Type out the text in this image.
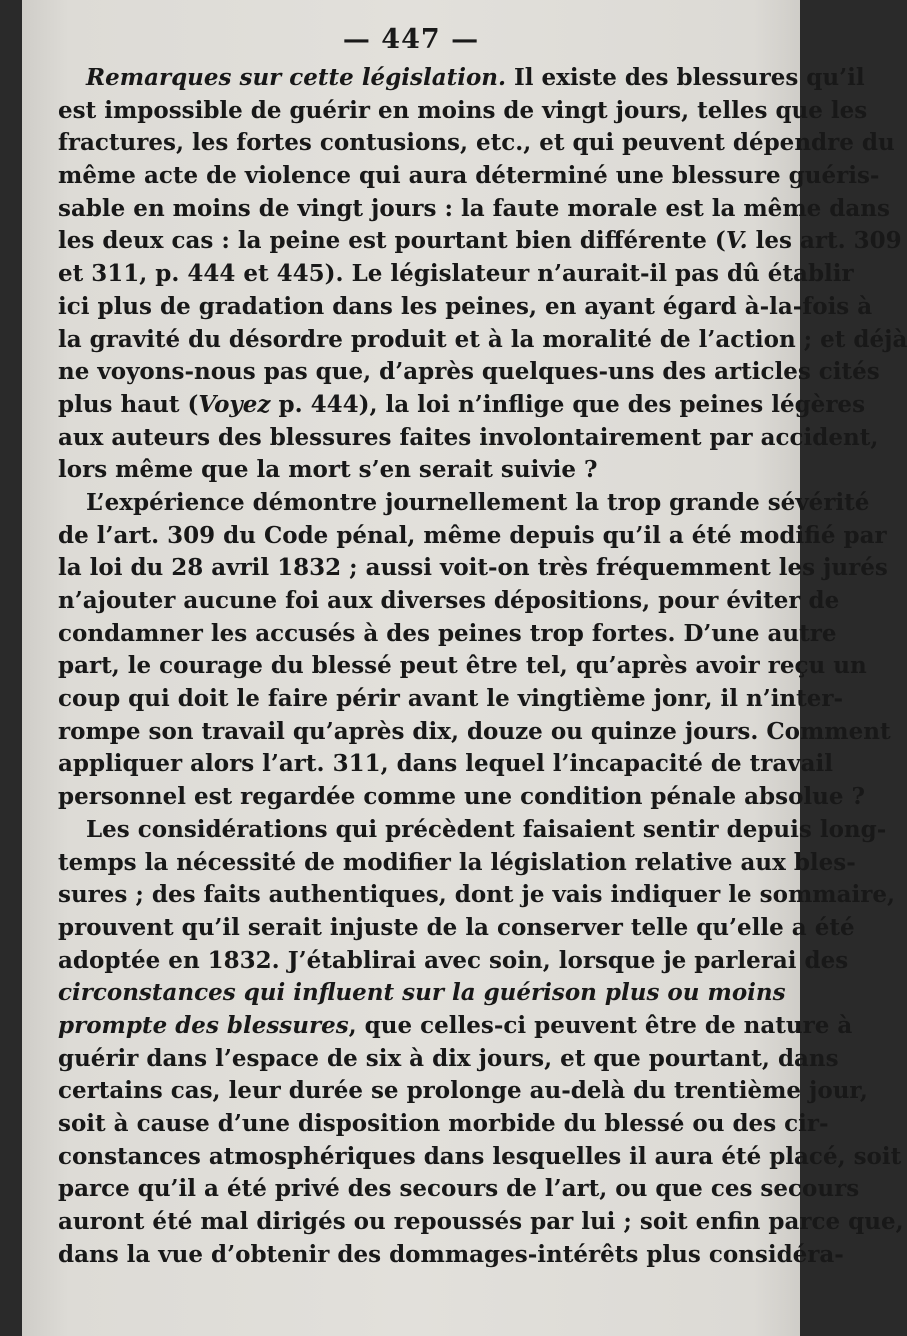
— 447 —
Remarques sur cette législation. Il existe des blessures qu’il
est impossible de guérir en moins de vingt jours, telles que les
fractures, les fortes contusions, etc., et qui peuvent dépendre du
même acte de violence qui aura déterminé une blessure guéris-
sable en moins de vingt jours : la faute morale est la même dans
les deux cas : la peine est pourtant bien différente (V. les art. 309
et 311, p. 444 et 445). Le législateur n’aurait-il pas dû établir
ici plus de gradation dans les peines, en ayant égard à-la-fois à
la gravité du désordre produit et à la moralité de l’action ; et déjà
ne voyons-nous pas que, d’après quelques-uns des articles cités
plus haut (Voyez p. 444), la loi n’inflige que des peines légères
aux auteurs des blessures faites involontairement par accident,
lors même que la mort s’en serait suivie ?
L’expérience démontre journellement la trop grande sévérité
de l’art. 309 du Code pénal, même depuis qu’il a été modifié par
la loi du 28 avril 1832 ; aussi voit-on très fréquemment les jurés
n’ajouter aucune foi aux diverses dépositions, pour éviter de
condamner les accusés à des peines trop fortes. D’une autre
part, le courage du blessé peut être tel, qu’après avoir reçu un
coup qui doit le faire périr avant le vingtième jonr, il n’inter-
rompe son travail qu’après dix, douze ou quinze jours. Comment
appliquer alors l’art. 311, dans lequel l’incapacité de travail
personnel est regardée comme une condition pénale absolue ?
Les considérations qui précèdent faisaient sentir depuis long-
temps la nécessité de modifier la législation relative aux bles-
sures ; des faits authentiques, dont je vais indiquer le sommaire,
prouvent qu’il serait injuste de la conserver telle qu’elle a été
adoptée en 1832. J’établirai avec soin, lorsque je parlerai des
circonstances qui influent sur la guérison plus ou moins
prompte des blessures, que celles-ci peuvent être de nature à
guérir dans l’espace de six à dix jours, et que pourtant, dans
certains cas, leur durée se prolonge au-delà du trentième jour,
soit à cause d’une disposition morbide du blessé ou des cir-
constances atmosphériques dans lesquelles il aura été placé, soit
parce qu’il a été privé des secours de l’art, ou que ces secours
auront été mal dirigés ou repoussés par lui ; soit enfin parce que,
dans la vue d’obtenir des dommages-intérêts plus considéra-
